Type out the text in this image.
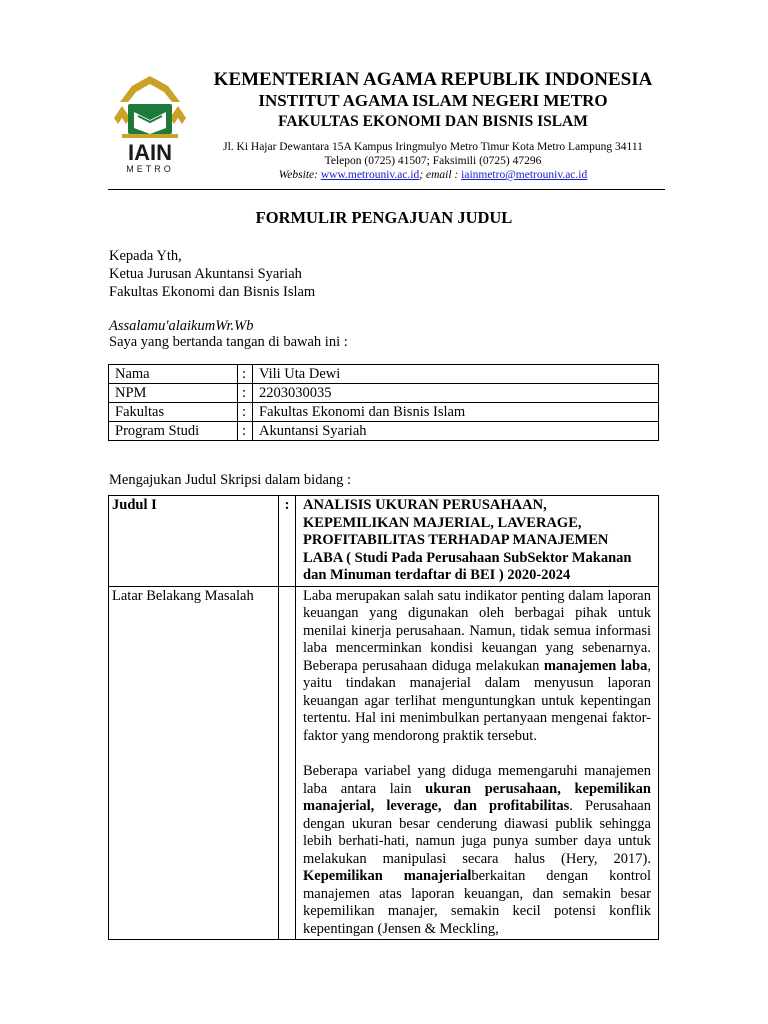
IAIN
METRO
KEMENTERIAN AGAMA REPUBLIK INDONESIA
INSTITUT AGAMA ISLAM NEGERI METRO
FAKULTAS EKONOMI DAN BISNIS ISLAM
Jl. Ki Hajar Dewantara 15A Kampus Iringmulyo Metro Timur Kota Metro Lampung 34111
Telepon (0725) 41507; Faksimili (0725) 47296
Website: www.metrouniv.ac.id; email : iainmetro@metrouniv.ac.id
FORMULIR PENGAJUAN JUDUL
Kepada Yth,
Ketua Jurusan Akuntansi Syariah
Fakultas Ekonomi dan Bisnis Islam
Assalamu'alaikumWr.Wb
Saya yang bertanda tangan di bawah ini :
Nama	:	Vili Uta Dewi
NPM	:	2203030035
Fakultas	:	Fakultas Ekonomi dan Bisnis Islam
Program Studi	:	Akuntansi Syariah
Mengajukan Judul Skripsi dalam bidang :
Judul I	:	ANALISIS UKURAN PERUSAHAAN, KEPEMILIKAN MAJERIAL, LAVERAGE, PROFITABILITAS TERHADAP MANAJEMEN LABA ( Studi Pada Perusahaan SubSektor Makanan dan Minuman terdaftar di BEI ) 2020-2024

Latar Belakang Masalah		Laba merupakan salah satu indikator penting dalam laporan keuangan yang digunakan oleh berbagai pihak untuk menilai kinerja perusahaan. Namun, tidak semua informasi laba mencerminkan kondisi keuangan yang sebenarnya. Beberapa perusahaan diduga melakukan manajemen laba, yaitu tindakan manajerial dalam menyusun laporan keuangan agar terlihat menguntungkan untuk kepentingan tertentu. Hal ini menimbulkan pertanyaan mengenai faktor-faktor yang mendorong praktik tersebut.
Beberapa variabel yang diduga memengaruhi manajemen laba antara lain ukuran perusahaan, kepemilikan manajerial, leverage, dan profitabilitas. Perusahaan dengan ukuran besar cenderung diawasi publik sehingga lebih berhati-hati, namun juga punya sumber daya untuk melakukan manipulasi secara halus (Hery, 2017). Kepemilikan manajerialberkaitan dengan kontrol manajemen atas laporan keuangan, dan semakin besar kepemilikan manajer, semakin kecil potensi konflik kepentingan (Jensen & Meckling,
